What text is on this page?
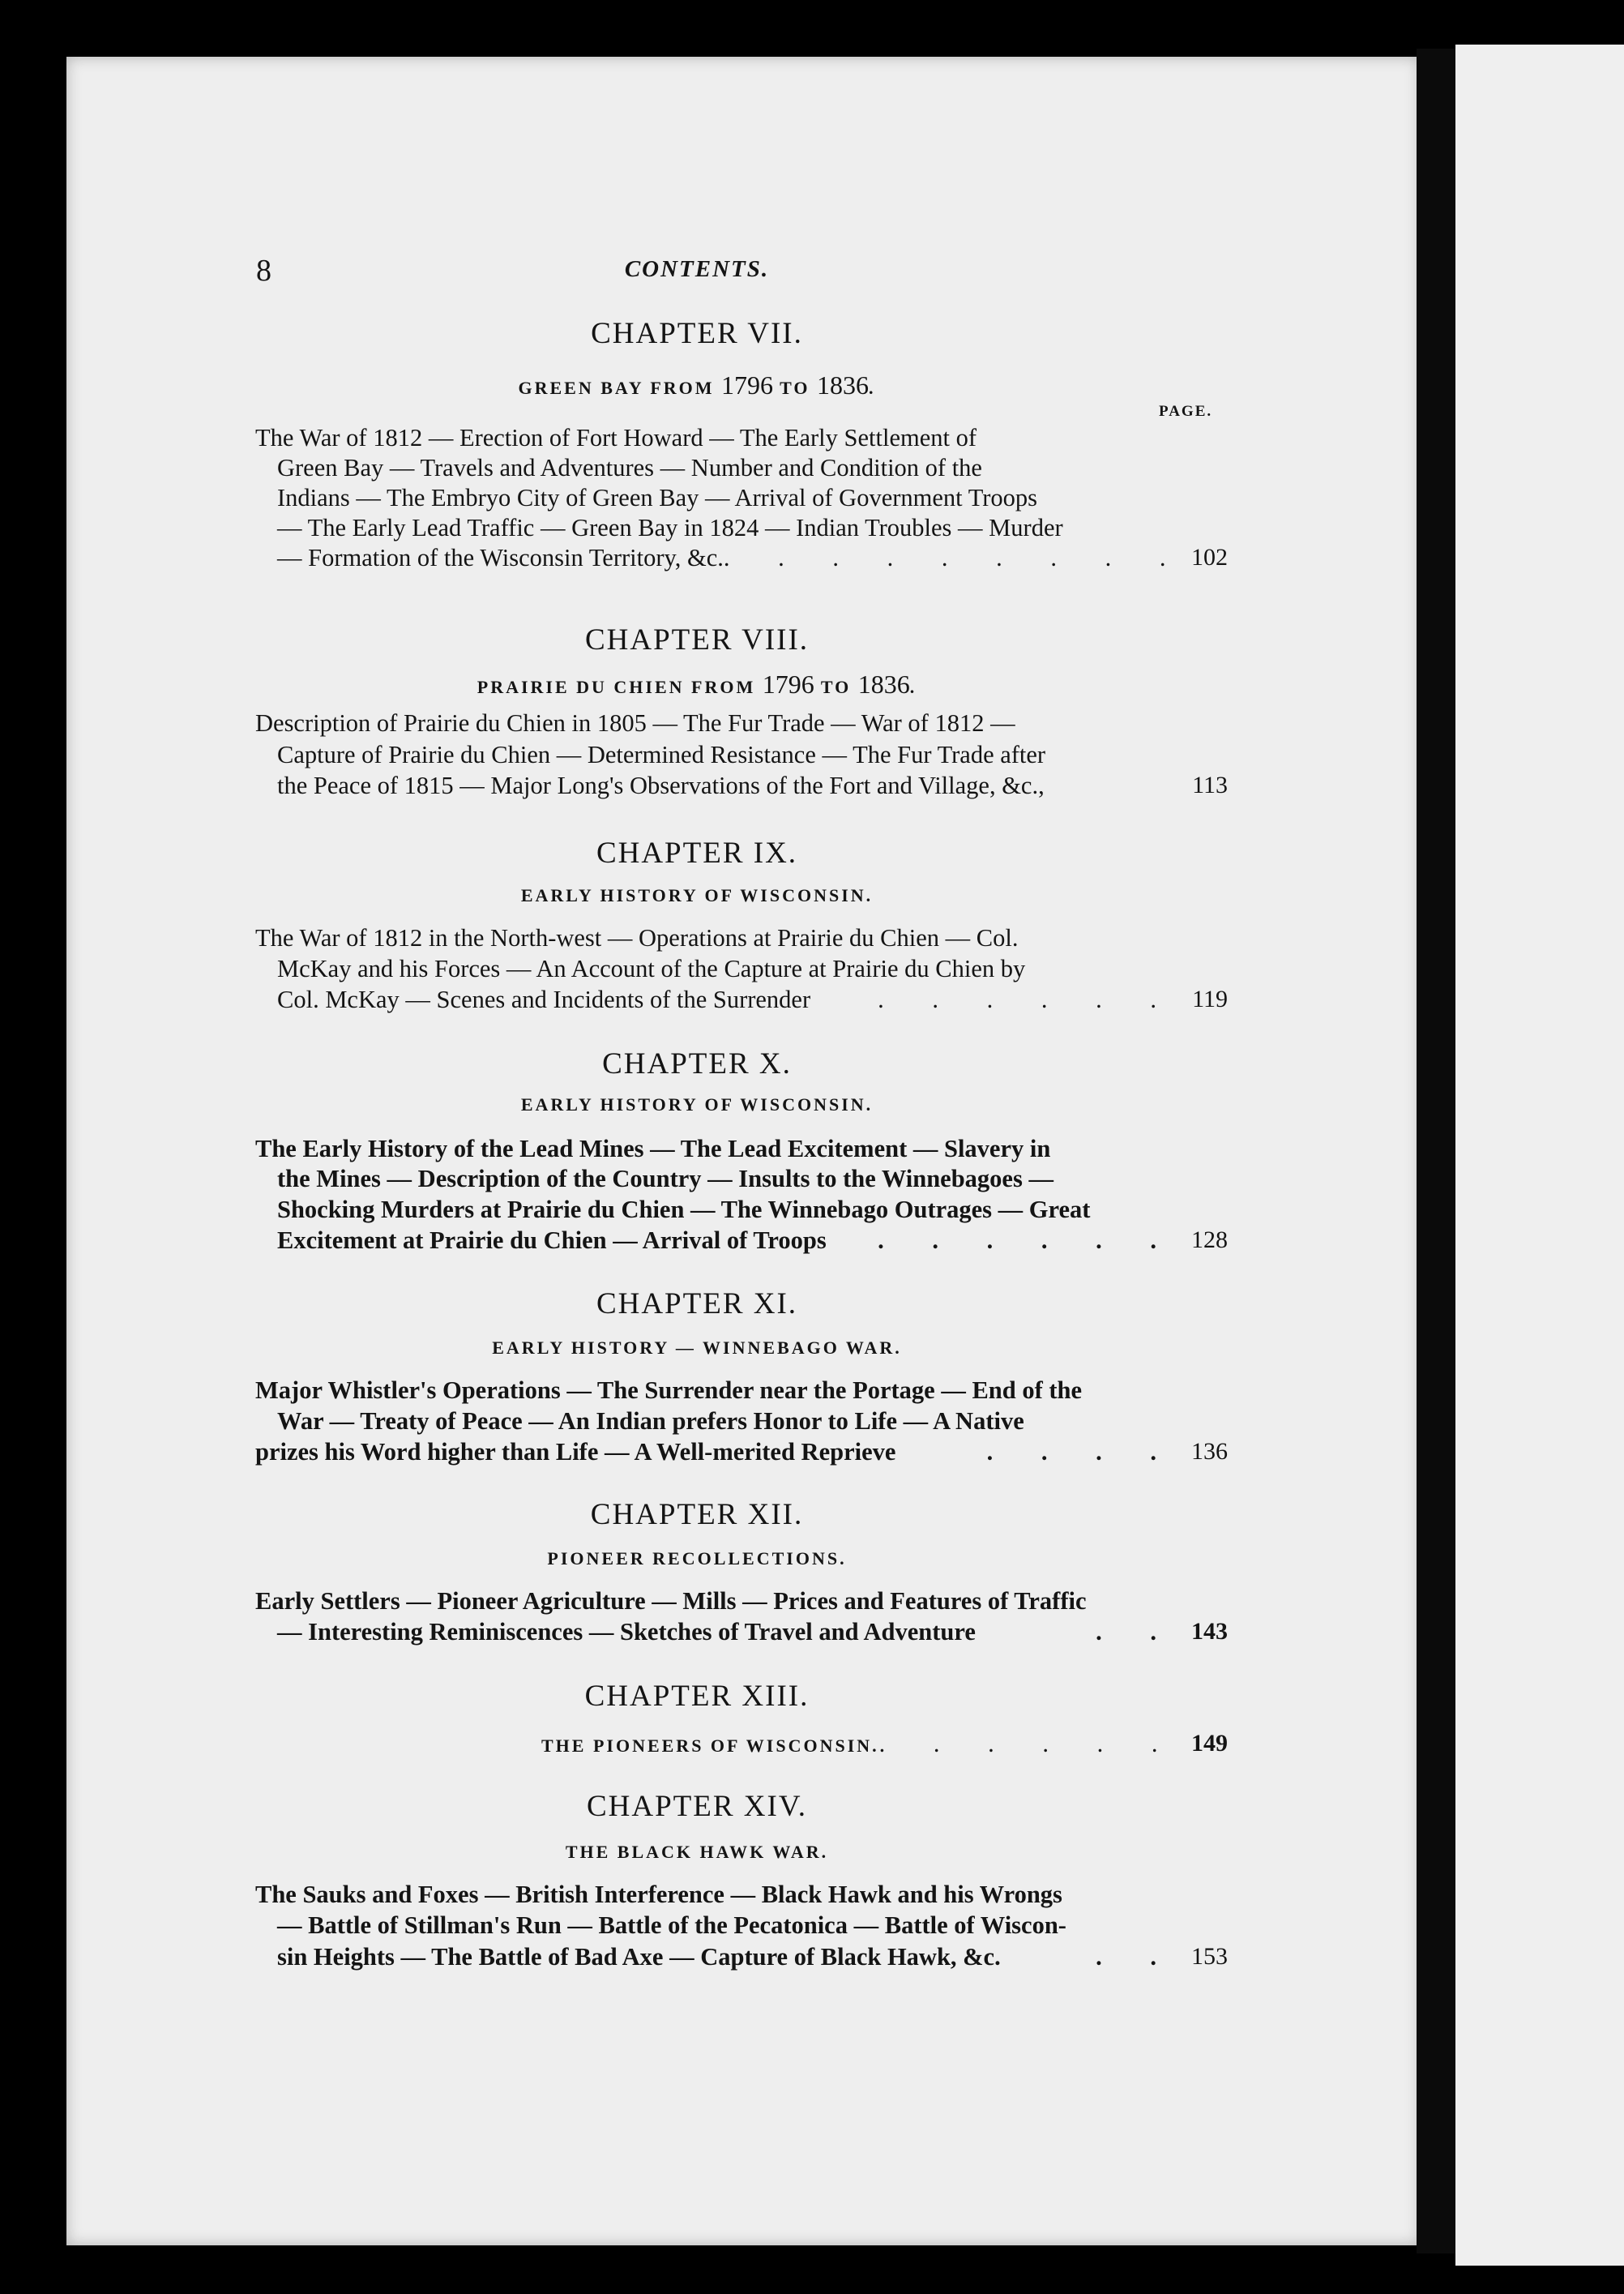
8	CONTENTS.
PAGE.
CHAPTER VII.
GREEN BAY FROM 1796 TO 1836.
The War of 1812 — Erection of Fort Howard — The Early Settlement of
Green Bay — Travels and Adventures — Number and Condition of the
Indians — The Embryo City of Green Bay — Arrival of Government Troops
— The Early Lead Traffic — Green Bay in 1824 — Indian Troubles — Murder
— Formation of the Wisconsin Territory, &c. . . . . . . . . . 102
CHAPTER VIII.
PRAIRIE DU CHIEN FROM 1796 TO 1836.
Description of Prairie du Chien in 1805 — The Fur Trade — War of 1812 —
Capture of Prairie du Chien — Determined Resistance — The Fur Trade after
the Peace of 1815 — Major Long's Observations of the Fort and Village, &c.,	113
CHAPTER IX.
EARLY HISTORY OF WISCONSIN.
The War of 1812 in the North-west — Operations at Prairie du Chien — Col.
McKay and his Forces — An Account of the Capture at Prairie du Chien by
Col. McKay — Scenes and Incidents of the Surrender	. . . . . . 119
CHAPTER X.
EARLY HISTORY OF WISCONSIN.
The Early History of the Lead Mines — The Lead Excitement — Slavery in
the Mines — Description of the Country — Insults to the Winnebagoes —
Shocking Murders at Prairie du Chien — The Winnebago Outrages — Great
Excitement at Prairie du Chien — Arrival of Troops	. . . . . . 128
CHAPTER XI.
EARLY HISTORY — WINNEBAGO WAR.
Major Whistler's Operations — The Surrender near the Portage — End of the
War — Treaty of Peace — An Indian prefers Honor to Life — A Native
prizes his Word higher than Life — A Well-merited Reprieve	. . . . 136
CHAPTER XII.
PIONEER RECOLLECTIONS.
Early Settlers — Pioneer Agriculture — Mills — Prices and Features of Traffic
— Interesting Reminiscences — Sketches of Travel and Adventure	. . 143
CHAPTER XIII.
THE PIONEERS OF WISCONSIN. . . . . . . 149
CHAPTER XIV.
THE BLACK HAWK WAR.
The Sauks and Foxes — British Interference — Black Hawk and his Wrongs
— Battle of Stillman's Run — Battle of the Pecatonica — Battle of Wiscon-
sin Heights — The Battle of Bad Axe — Capture of Black Hawk, &c.	. . 153
